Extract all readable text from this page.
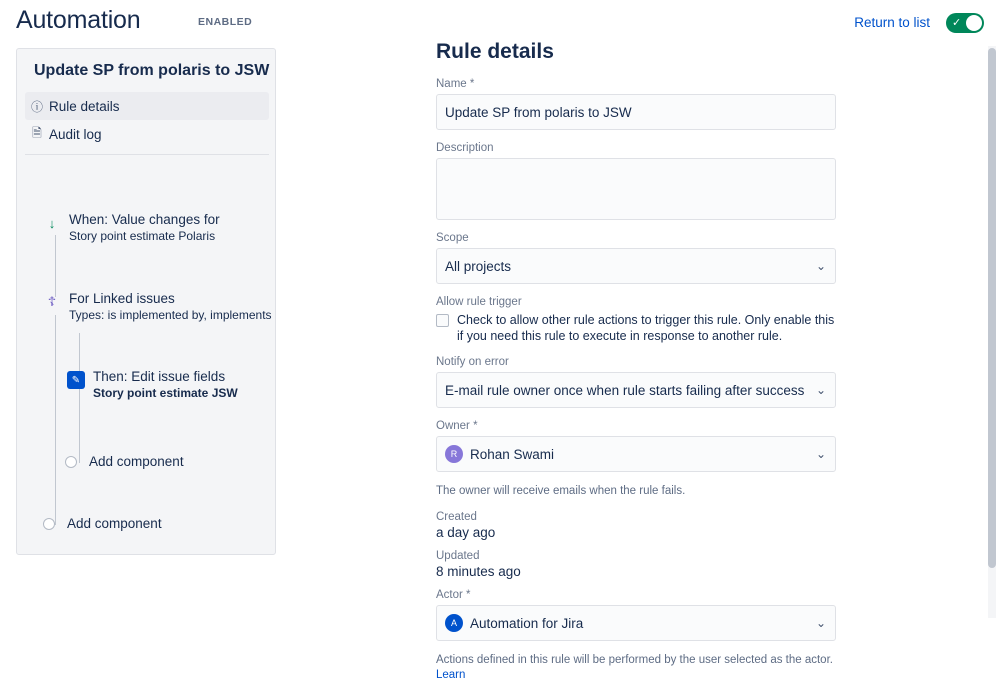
Automation	ENABLED	Return to list ✓
Update SP from polaris to JSW
ⓘ Rule details
🗎 Audit log
↓	When: Value changes for
Story point estimate Polaris
☦ For Linked issues
Types: is implemented by, implements
✎ Then: Edit issue fields
Story point estimate JSW
Add component
Add component
Rule details
Name *
Update SP from polaris to JSW
Description
Scope
All projects	⌄
Allow rule trigger
Check to allow other rule actions to trigger this rule. Only enable this if you need this rule to execute in response to another rule.
Notify on error
E-mail rule owner once when rule starts failing after success ⌄
Owner *
R Rohan Swami	⌄
The owner will receive emails when the rule fails.
Created
a day ago
Updated
8 minutes ago
Actor *
A Automation for Jira	⌄
Actions defined in this rule will be performed by the user selected as the actor. Learn
